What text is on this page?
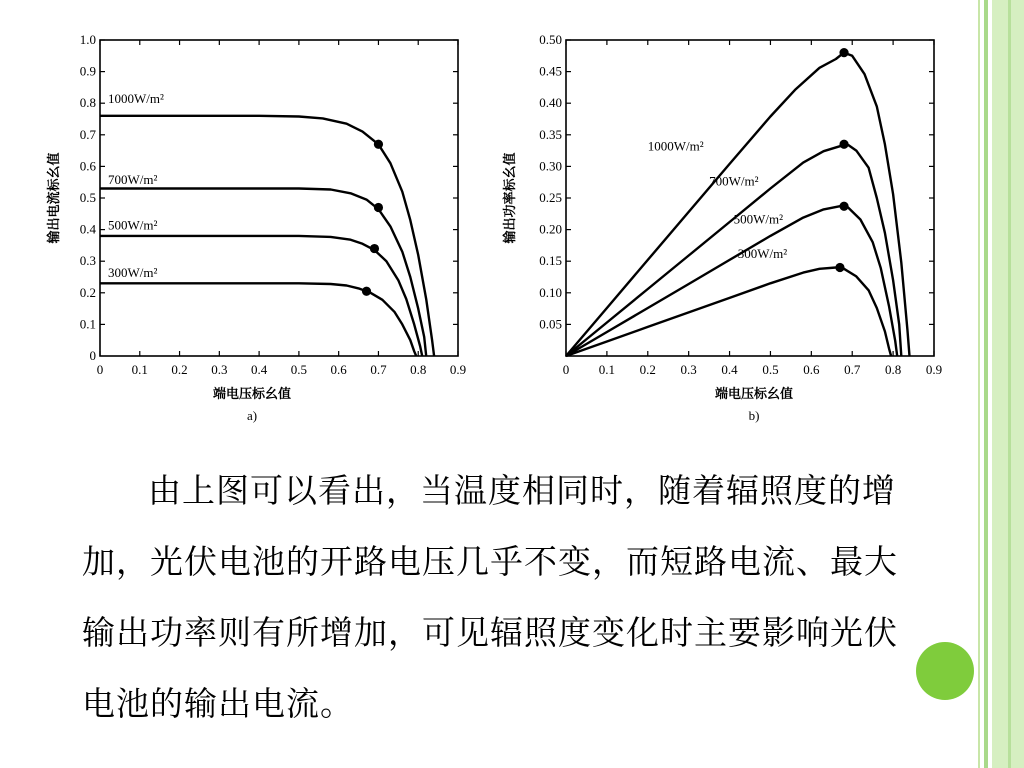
0 0.1 0.2 0.3 0.4 0.5 0.6 0.7 0.8 0.9
0.1
0.2
0.3
0.4
0.5
0.6
0.7
0.8
0.9
1.0
0
1000W/m²
700W/m²
500W/m²
300W/m²
端电压标幺值
输出电流标幺值
a)
0 0.1 0.2 0.3 0.4 0.5 0.6 0.7 0.8 0.9
0.05
0.10
0.15
0.20
0.25
0.30
0.35
0.40
0.45
0.50
1000W/m²
700W/m²
500W/m²
300W/m²
端电压标幺值
输出功率标幺值
b)
由上图可以看出，当温度相同时，随着辐照度的增加，光伏电池的开路电压几乎不变，而短路电流、最大输出功率则有所增加，可见辐照度变化时主要影响光伏电池的输出电流。
